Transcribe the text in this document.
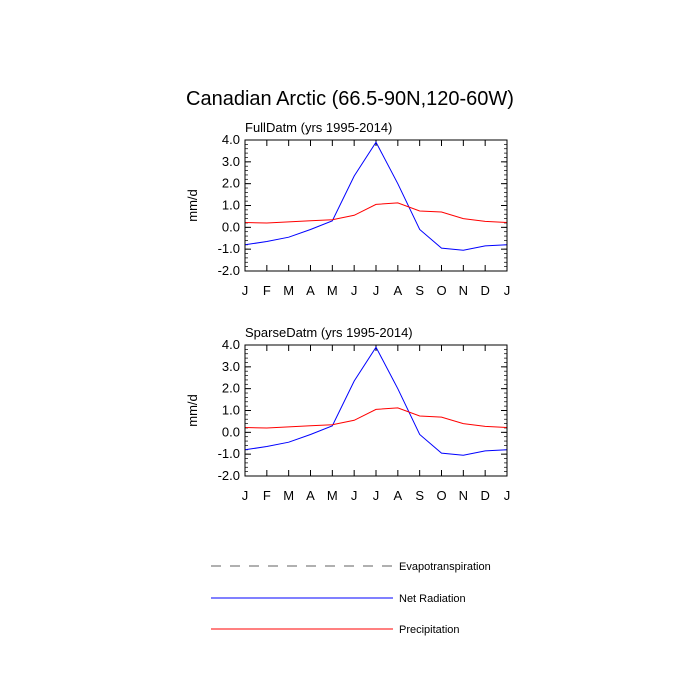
Canadian Arctic (66.5-90N,120-60W)
FullDatm (yrs 1995-2014)
mm/d
4.0
3.0
2.0
1.0
0.0
-1.0
-2.0
J F M A M J J A S O N D J
SparseDatm (yrs 1995-2014)
mm/d
4.0
3.0
2.0
1.0
0.0
-1.0
-2.0
J F M A M J J A S O N D J
Evapotranspiration
Net Radiation
Precipitation
